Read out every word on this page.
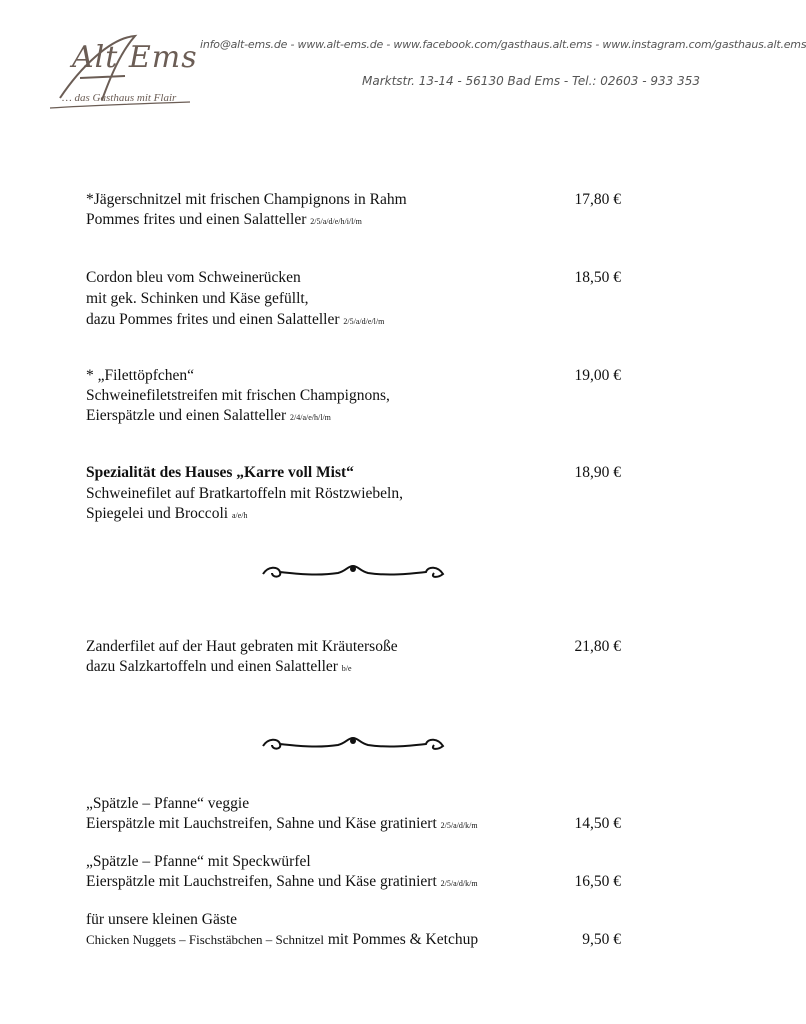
Alt Ems
… das Gasthaus mit Flair
info@alt-ems.de - www.alt-ems.de - www.facebook.com/gasthaus.alt.ems - www.instagram.com/gasthaus.alt.ems
Marktstr. 13-14 - 56130 Bad Ems - Tel.: 02603 - 933 353
*Jägerschnitzel mit frischen Champignons in Rahm	17,80 €
Pommes frites und einen Salatteller 2/5/a/d/e/h/i/l/m
Cordon bleu vom Schweinerücken	18,50 €
mit gek. Schinken und Käse gefüllt,
dazu Pommes frites und einen Salatteller 2/5/a/d/e/l/m
* „Filettöpfchen“	19,00 €
Schweinefiletstreifen mit frischen Champignons,
Eierspätzle und einen Salatteller 2/4/a/e/h/l/m
Spezialität des Hauses „Karre voll Mist“	18,90 €
Schweinefilet auf Bratkartoffeln mit Röstzwiebeln,
Spiegelei und Broccoli a/e/h
Zanderfilet auf der Haut gebraten mit Kräutersoße	21,80 €
dazu Salzkartoffeln und einen Salatteller b/e
„Spätzle – Pfanne“ veggie
Eierspätzle mit Lauchstreifen, Sahne und Käse gratiniert 2/5/a/d/k/m	14,50 €
„Spätzle – Pfanne“ mit Speckwürfel
Eierspätzle mit Lauchstreifen, Sahne und Käse gratiniert 2/5/a/d/k/m	16,50 €
für unsere kleinen Gäste
Chicken Nuggets – Fischstäbchen – Schnitzel mit Pommes & Ketchup	9,50 €
